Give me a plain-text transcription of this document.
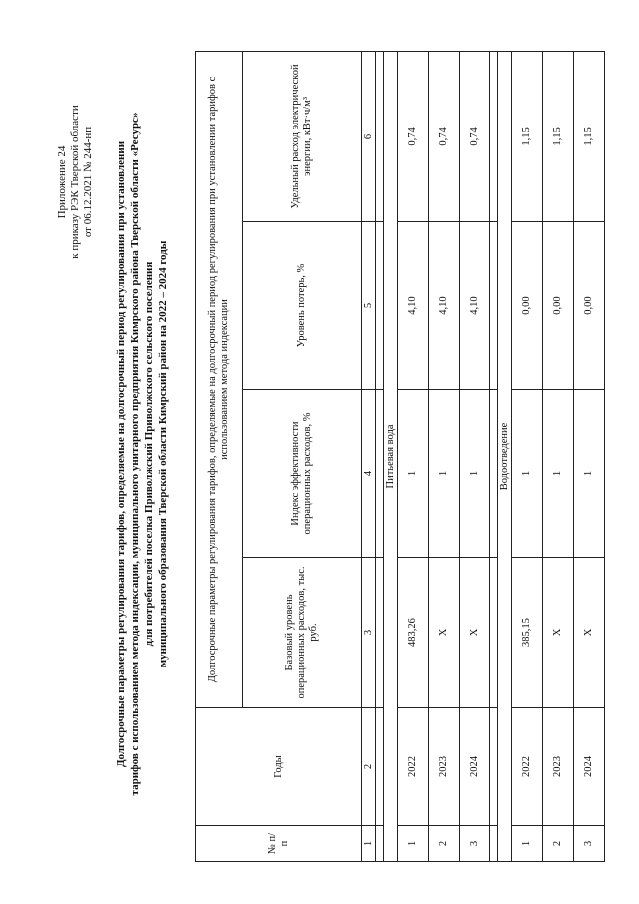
Приложение 24 к приказу РЭК Тверской области от 06.12.2021 № 244-нп Долгосрочные параметры регулирования тарифов, определяемые на долгосрочный период регулирования при установлении тарифов с использованием метода индексации, муниципального унитарного предприятия Кимрского района Тверской области «Ресурс» для потребителей поселка Приволжский Приволжского сельского поселения муниципального образования Тверской области Кимрский район на 2022 – 2024 годы
№ п/п	Годы	Долгосрочные параметры регулирования тарифов, определяемые на долгосрочный период регулирования при установлении тарифов с использованием метода индексации			
		Базовый уровень операционных расходов, тыс. руб.	Индекс эффективности операционных расходов, %	Уровень потерь, %	Удельный расход электрической энергии, кВт·ч/м³
1	2	3	4	5	6

Питьевая вода					
1	2022	483,26	1	4,10	0,74
2	2023	Х	1	4,10	0,74
3	2024	Х	1	4,10	0,74

Водоотведение					
1	2022	385,15	1	0,00	1,15
2	2023	Х	1	0,00	1,15
3	2024	Х	1	0,00	1,15
